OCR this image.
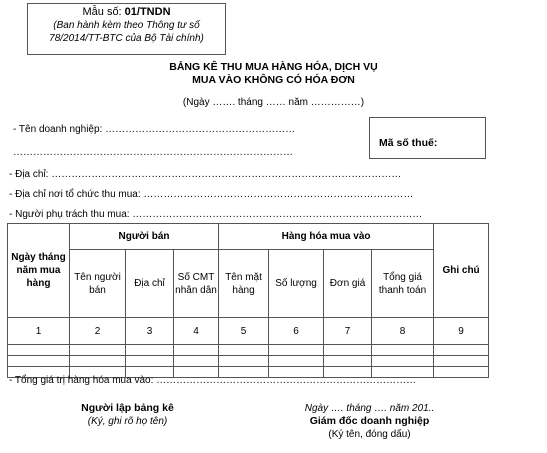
Mẫu số: 01/TNDN
(Ban hành kèm theo Thông tư số
78/2014/TT-BTC của Bộ Tài chính)
BẢNG KÊ THU MUA HÀNG HÓA, DỊCH VỤ
MUA VÀO KHÔNG CÓ HÓA ĐƠN
(Ngày ……. tháng …… năm ……………)
- Tên doanh nghiệp: …………………………………………………
…………………………………………………………………………
Mã số thuế:
- Địa chỉ: ……………………………………………………………………………………………
- Địa chỉ nơi tổ chức thu mua: ………………………………………………………………………
- Người phụ trách thu mua: ……………………………………………………………………………
Ngày tháng năm mua hàng	Người bán			Hàng hóa mua vào				Ghi chú
	Tên người bán	Địa chỉ	Số CMT nhân dân	Tên mặt hàng	Số lượng	Đơn giá	Tổng giá thanh toán	
1	2	3	4	5	6	7	8	9

- Tổng giá trị hàng hóa mua vào: ……………………………………………………………………
Người lập bảng kê
(Ký, ghi rõ họ tên)
Ngày …. tháng …. năm 201..
Giám đốc doanh nghiệp
(Ký tên, đóng dấu)
